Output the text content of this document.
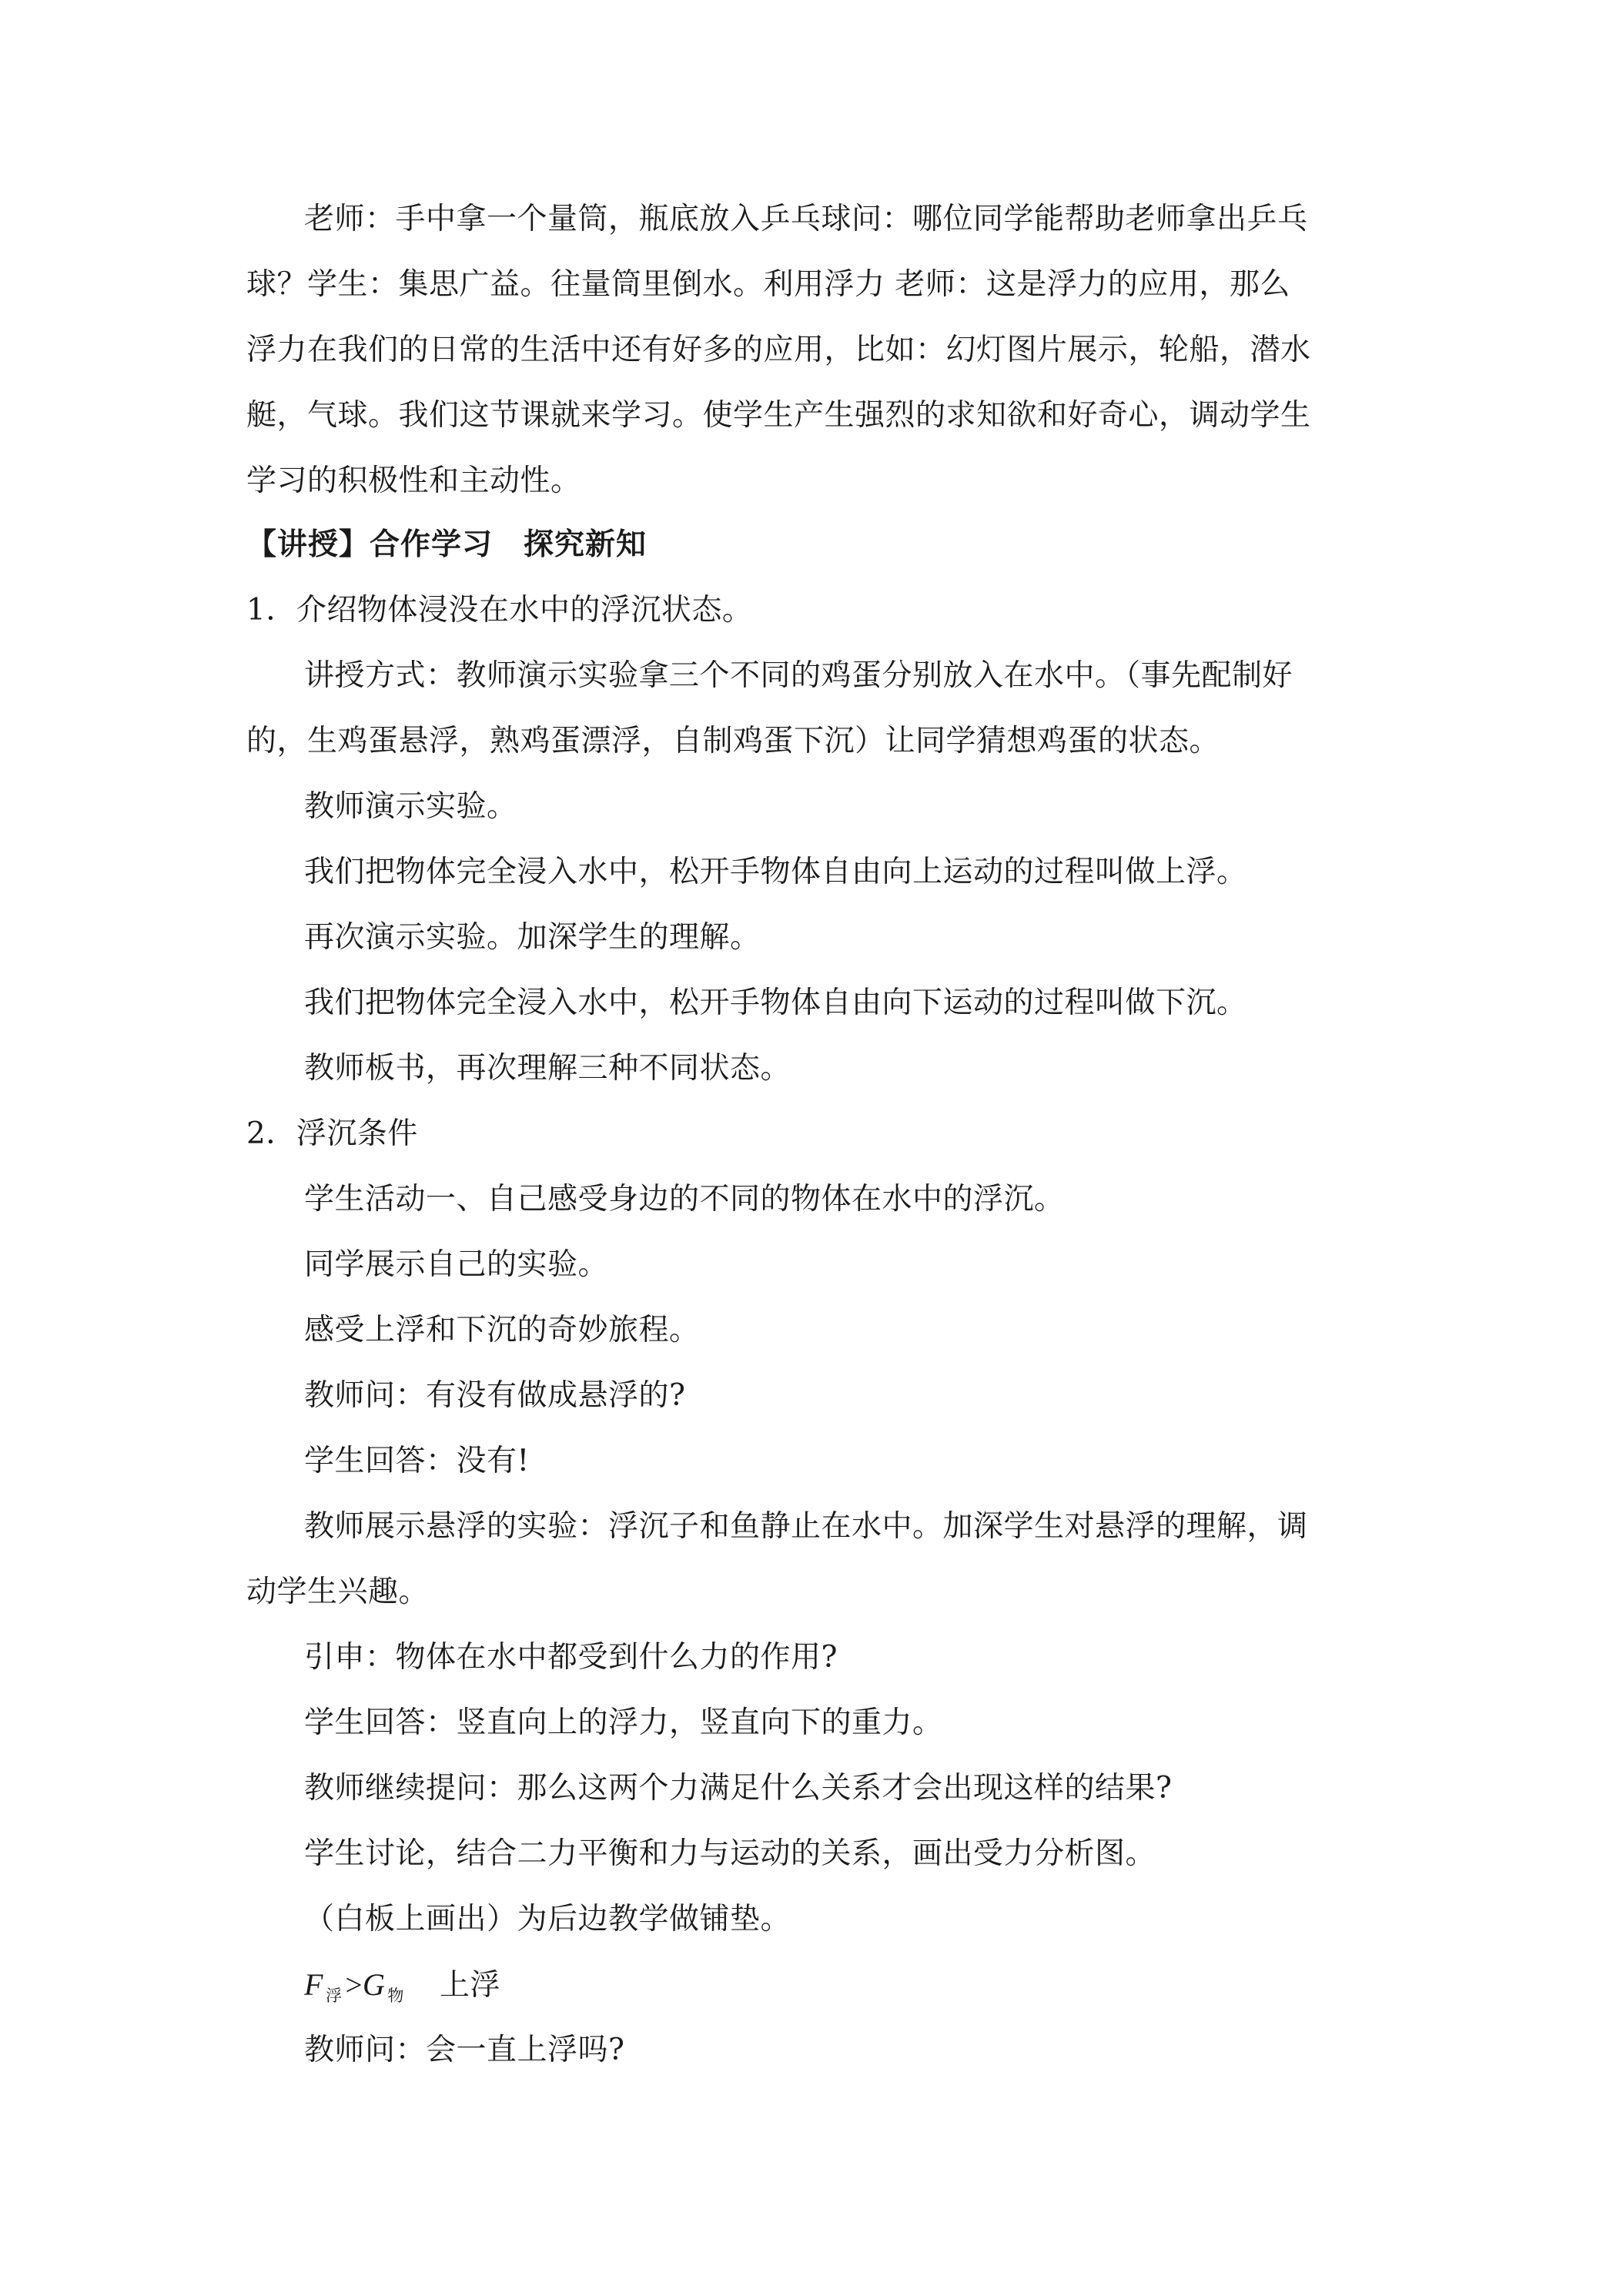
老师：手中拿一个量筒，瓶底放入乒乓球问：哪位同学能帮助老师拿出乒乓
球？学生：集思广益。往量筒里倒水。利用浮力 老师：这是浮力的应用，那么
浮力在我们的日常的生活中还有好多的应用，比如：幻灯图片展示，轮船，潜水
艇，气球。我们这节课就来学习。使学生产生强烈的求知欲和好奇心，调动学生
学习的积极性和主动性。
【讲授】合作学习　探究新知
1．介绍物体浸没在水中的浮沉状态。
讲授方式：教师演示实验拿三个不同的鸡蛋分别放入在水中。（事先配制好
的，生鸡蛋悬浮，熟鸡蛋漂浮，自制鸡蛋下沉）让同学猜想鸡蛋的状态。
教师演示实验。
我们把物体完全浸入水中，松开手物体自由向上运动的过程叫做上浮。
再次演示实验。加深学生的理解。
我们把物体完全浸入水中，松开手物体自由向下运动的过程叫做下沉。
教师板书，再次理解三种不同状态。
2．浮沉条件
学生活动一、自己感受身边的不同的物体在水中的浮沉。
同学展示自己的实验。
感受上浮和下沉的奇妙旅程。
教师问：有没有做成悬浮的?
学生回答：没有!
教师展示悬浮的实验：浮沉子和鱼静止在水中。加深学生对悬浮的理解，调
动学生兴趣。
引申：物体在水中都受到什么力的作用?
学生回答：竖直向上的浮力，竖直向下的重力。
教师继续提问：那么这两个力满足什么关系才会出现这样的结果?
学生讨论，结合二力平衡和力与运动的关系，画出受力分析图。
（白板上画出）为后边教学做铺垫。
F $_浮$ >G $_物$ 上浮
教师问：会一直上浮吗?
